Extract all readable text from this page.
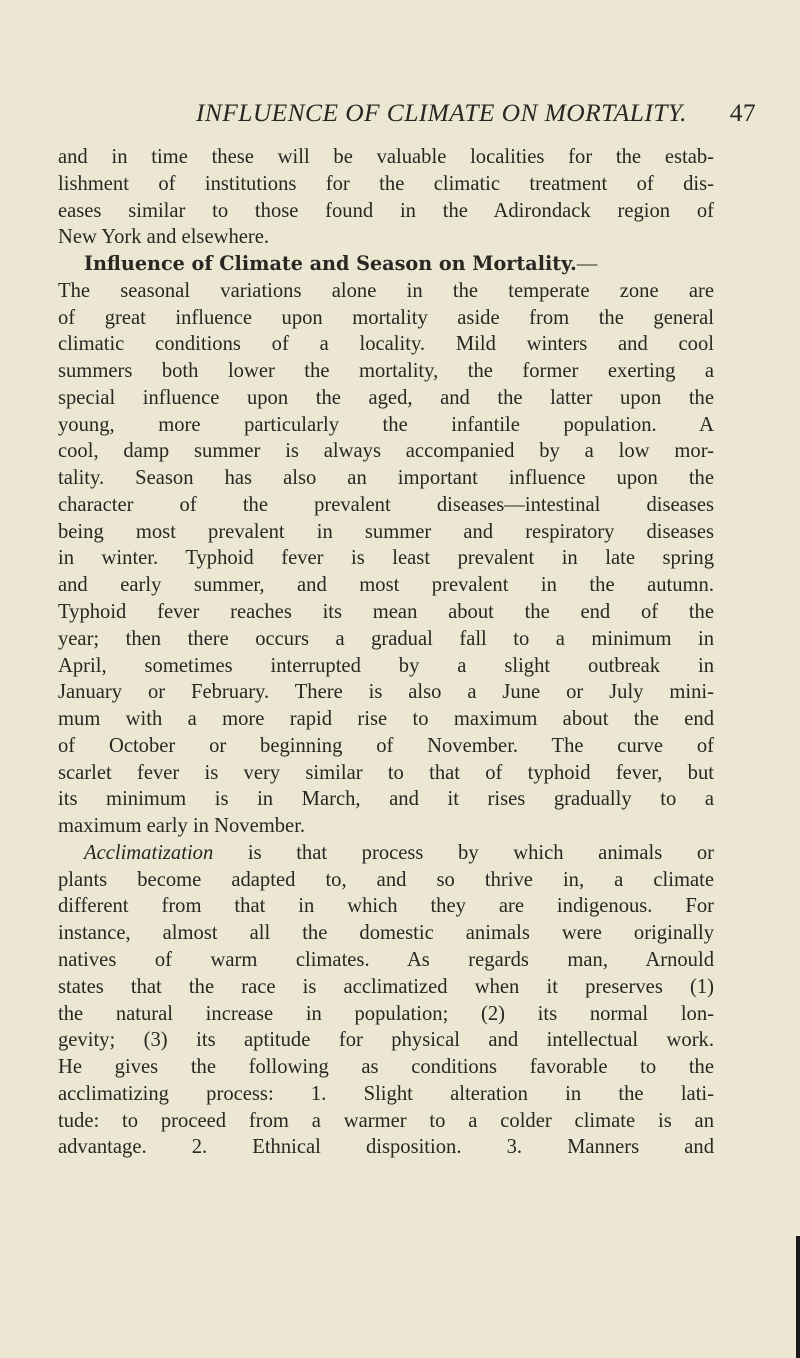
INFLUENCE OF CLIMATE ON MORTALITY. 47
and in time these will be valuable localities for the estab-
lishment of institutions for the climatic treatment of dis-
eases similar to those found in the Adirondack region of
New York and elsewhere.
Influence of Climate and Season on Mortality.—
The seasonal variations alone in the temperate zone are
of great influence upon mortality aside from the general
climatic conditions of a locality. Mild winters and cool
summers both lower the mortality, the former exerting a
special influence upon the aged, and the latter upon the
young, more particularly the infantile population. A
cool, damp summer is always accompanied by a low mor-
tality. Season has also an important influence upon the
character of the prevalent diseases—intestinal diseases
being most prevalent in summer and respiratory diseases
in winter. Typhoid fever is least prevalent in late spring
and early summer, and most prevalent in the autumn.
Typhoid fever reaches its mean about the end of the
year; then there occurs a gradual fall to a minimum in
April, sometimes interrupted by a slight outbreak in
January or February. There is also a June or July mini-
mum with a more rapid rise to maximum about the end
of October or beginning of November. The curve of
scarlet fever is very similar to that of typhoid fever, but
its minimum is in March, and it rises gradually to a
maximum early in November.
Acclimatization is that process by which animals or
plants become adapted to, and so thrive in, a climate
different from that in which they are indigenous. For
instance, almost all the domestic animals were originally
natives of warm climates. As regards man, Arnould
states that the race is acclimatized when it preserves (1)
the natural increase in population; (2) its normal lon-
gevity; (3) its aptitude for physical and intellectual work.
He gives the following as conditions favorable to the
acclimatizing process: 1. Slight alteration in the lati-
tude: to proceed from a warmer to a colder climate is an
advantage. 2. Ethnical disposition. 3. Manners and
